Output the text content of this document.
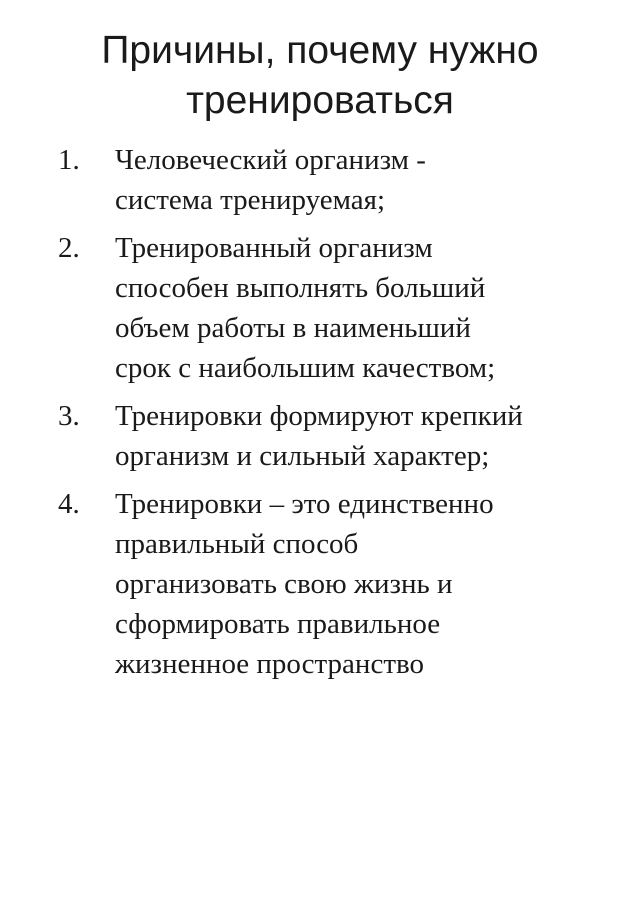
Причины, почему нужно
тренироваться
1.	Человеческий организм -
система тренируемая;
2.	Тренированный организм
способен выполнять больший
объем работы в наименьший
срок с наибольшим качеством;
3.	Тренировки формируют крепкий
организм и сильный характер;
4.	Тренировки – это единственно
правильный способ
организовать свою жизнь и
сформировать правильное
жизненное пространство
